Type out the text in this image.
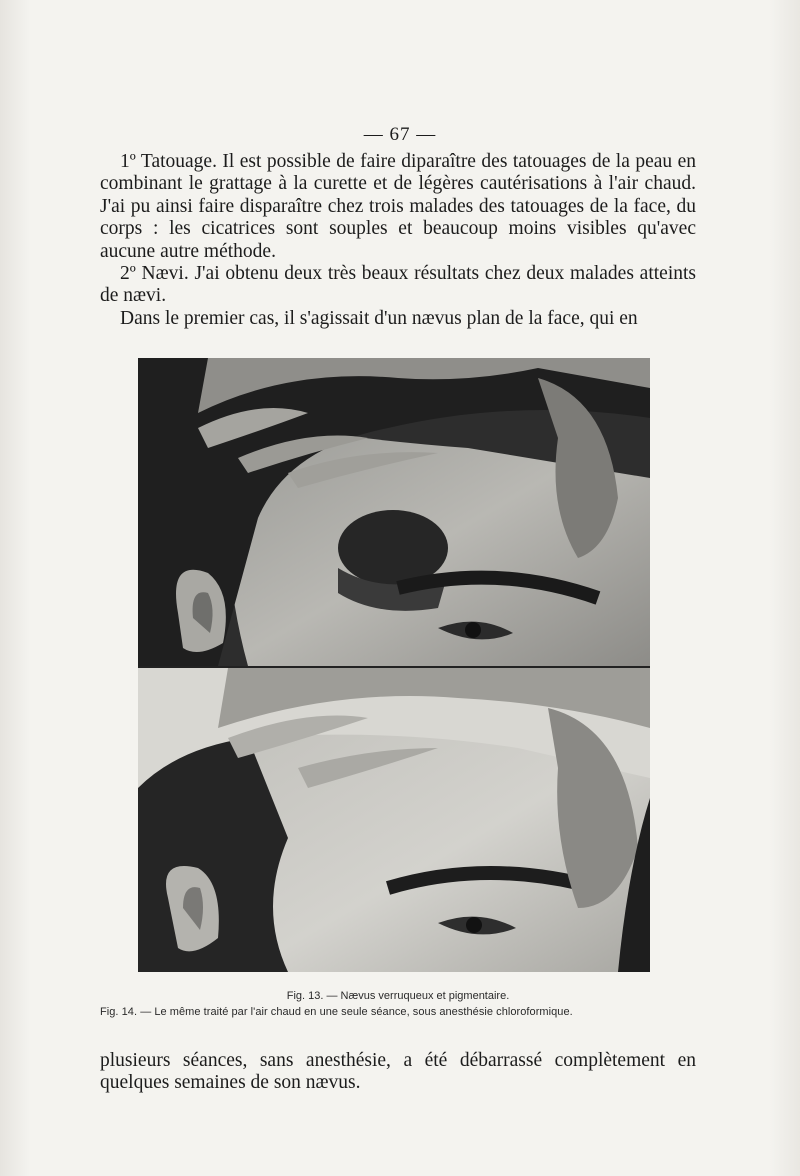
— 67 —

1º Tatouage. Il est possible de faire diparaître des tatouages de la peau en combinant le grattage à la curette et de légères cautérisations à l'air chaud. J'ai pu ainsi faire disparaître chez trois malades des tatouages de la face, du corps : les cicatrices sont souples et beaucoup moins visibles qu'avec aucune autre méthode.

2º Nævi. J'ai obtenu deux très beaux résultats chez deux malades atteints de nævi.

Dans le premier cas, il s'agissait d'un nævus plan de la face, qui en

Fig. 13. — Nævus verruqueux et pigmentaire.
Fig. 14. — Le même traité par l'air chaud en une seule séance, sous anesthésie chloroformique.

plusieurs séances, sans anesthésie, a été débarrassé complètement en quelques semaines de son nævus.
